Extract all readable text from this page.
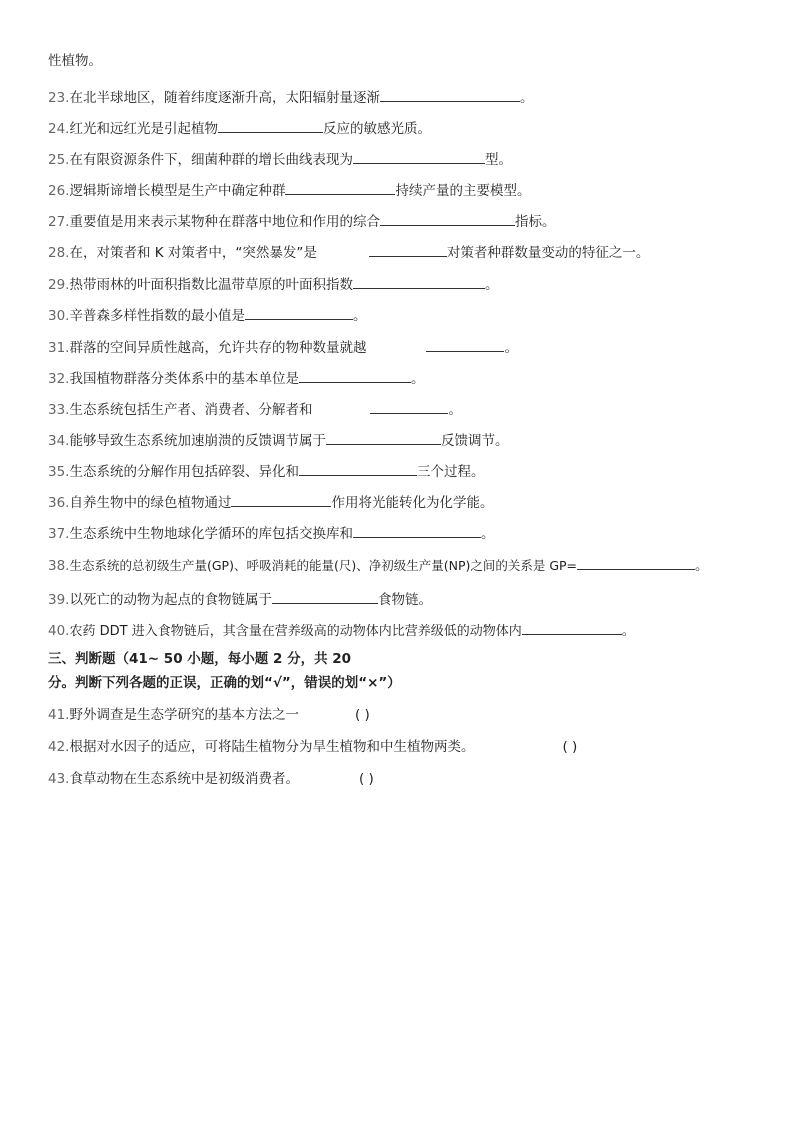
性植物。
23.在北半球地区，随着纬度逐渐升高，太阳辐射量逐渐	。
24.红光和远红光是引起植物	反应的敏感光质。
25.在有限资源条件下，细菌种群的增长曲线表现为	型。
26.逻辑斯谛增长模型是生产中确定种群	持续产量的主要模型。
27.重要值是用来表示某物种在群落中地位和作用的综合	指标。
28.在，对策者和 K 对策者中，“突然暴发”是	对策者种群数量变动的特征之一。
29.热带雨林的叶面积指数比温带草原的叶面积指数	。
30.辛普森多样性指数的最小值是	。
31.群落的空间异质性越高，允许共存的物种数量就越	。
32.我国植物群落分类体系中的基本单位是	。
33.生态系统包括生产者、消费者、分解者和	。
34.能够导致生态系统加速崩溃的反馈调节属于	反馈调节。
35.生态系统的分解作用包括碎裂、异化和	三个过程。
36.自养生物中的绿色植物通过	作用将光能转化为化学能。
37.生态系统中生物地球化学循环的库包括交换库和	。
38.生态系统的总初级生产量(GP)、呼吸消耗的能量(尺)、净初级生产量(NP)之间的关系是 GP=	。
39.以死亡的动物为起点的食物链属于	食物链。
40.农药 DDT 进入食物链后，其含量在营养级高的动物体内比营养级低的动物体内	。
三、判断题（41~ 50 小题，每小题 2 分，共 20
分。判断下列各题的正误，正确的划“√”，错误的划“×”）
41.野外调查是生态学研究的基本方法之一	( )
42.根据对水因子的适应，可将陆生植物分为旱生植物和中生植物两类。	( )
43.食草动物在生态系统中是初级消费者。	( )
